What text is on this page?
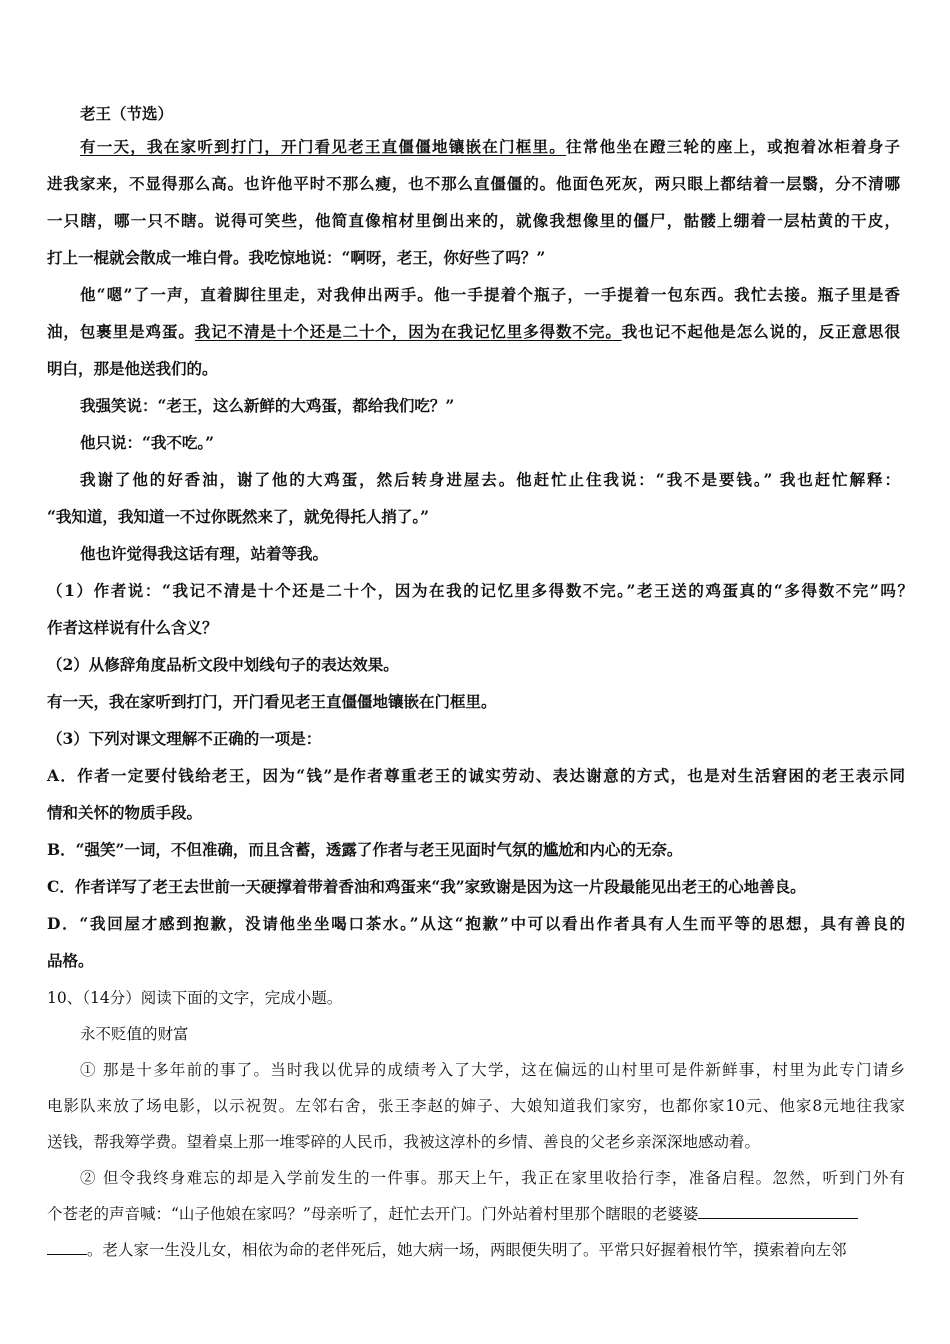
老王（节选）
有一天，我在家听到打门，开门看见老王直僵僵地镶嵌在门框里。往常他坐在蹬三轮的座上，或抱着冰柜着身子
进我家来，不显得那么高。也许他平时不那么瘦，也不那么直僵僵的。他面色死灰，两只眼上都结着一层翳，分不清哪
一只瞎，哪一只不瞎。说得可笑些，他简直像棺材里倒出来的，就像我想像里的僵尸，骷髅上绷着一层枯黄的干皮，
打上一棍就会散成一堆白骨。我吃惊地说：“啊呀，老王，你好些了吗？”
他“嗯”了一声，直着脚往里走，对我伸出两手。他一手提着个瓶子，一手提着一包东西。我忙去接。瓶子里是香
油，包裹里是鸡蛋。我记不清是十个还是二十个，因为在我记忆里多得数不完。我也记不起他是怎么说的，反正意思很
明白，那是他送我们的。
我强笑说：“老王，这么新鲜的大鸡蛋，都给我们吃？”
他只说：“我不吃。”
我谢了他的好香油，谢了他的大鸡蛋，然后转身进屋去。他赶忙止住我说：“我不是要钱。” 我也赶忙解释：
“我知道，我知道一不过你既然来了，就免得托人捎了。”
他也许觉得我这话有理，站着等我。
（1）作者说：“我记不清是十个还是二十个，因为在我的记忆里多得数不完。”老王送的鸡蛋真的“多得数不完”吗？
作者这样说有什么含义？
（2）从修辞角度品析文段中划线句子的表达效果。
有一天，我在家听到打门，开门看见老王直僵僵地镶嵌在门框里。
（3）下列对课文理解不正确的一项是：
A．作者一定要付钱给老王，因为“钱”是作者尊重老王的诚实劳动、表达谢意的方式，也是对生活窘困的老王表示同
情和关怀的物质手段。
B．“强笑”一词，不但准确，而且含蓄，透露了作者与老王见面时气氛的尴尬和内心的无奈。
C．作者详写了老王去世前一天硬撑着带着香油和鸡蛋来“我”家致谢是因为这一片段最能见出老王的心地善良。
D．“我回屋才感到抱歉，没请他坐坐喝口茶水。”从这“抱歉”中可以看出作者具有人生而平等的思想，具有善良的
品格。
10、（14分）阅读下面的文字，完成小题。
永不贬值的财富
① 那是十多年前的事了。当时我以优异的成绩考入了大学，这在偏远的山村里可是件新鲜事，村里为此专门请乡
电影队来放了场电影，以示祝贺。左邻右舍，张王李赵的婶子、大娘知道我们家穷，也都你家10元、他家8元地往我家
送钱，帮我筹学费。望着桌上那一堆零碎的人民币，我被这淳朴的乡情、善良的父老乡亲深深地感动着。
② 但令我终身难忘的却是入学前发生的一件事。那天上午，我正在家里收拾行李，准备启程。忽然，听到门外有
个苍老的声音喊：“山子他娘在家吗？”母亲听了，赶忙去开门。门外站着村里那个瞎眼的老婆婆
。老人家一生没儿女，相依为命的老伴死后，她大病一场，两眼便失明了。平常只好握着根竹竿，摸索着向左邻
